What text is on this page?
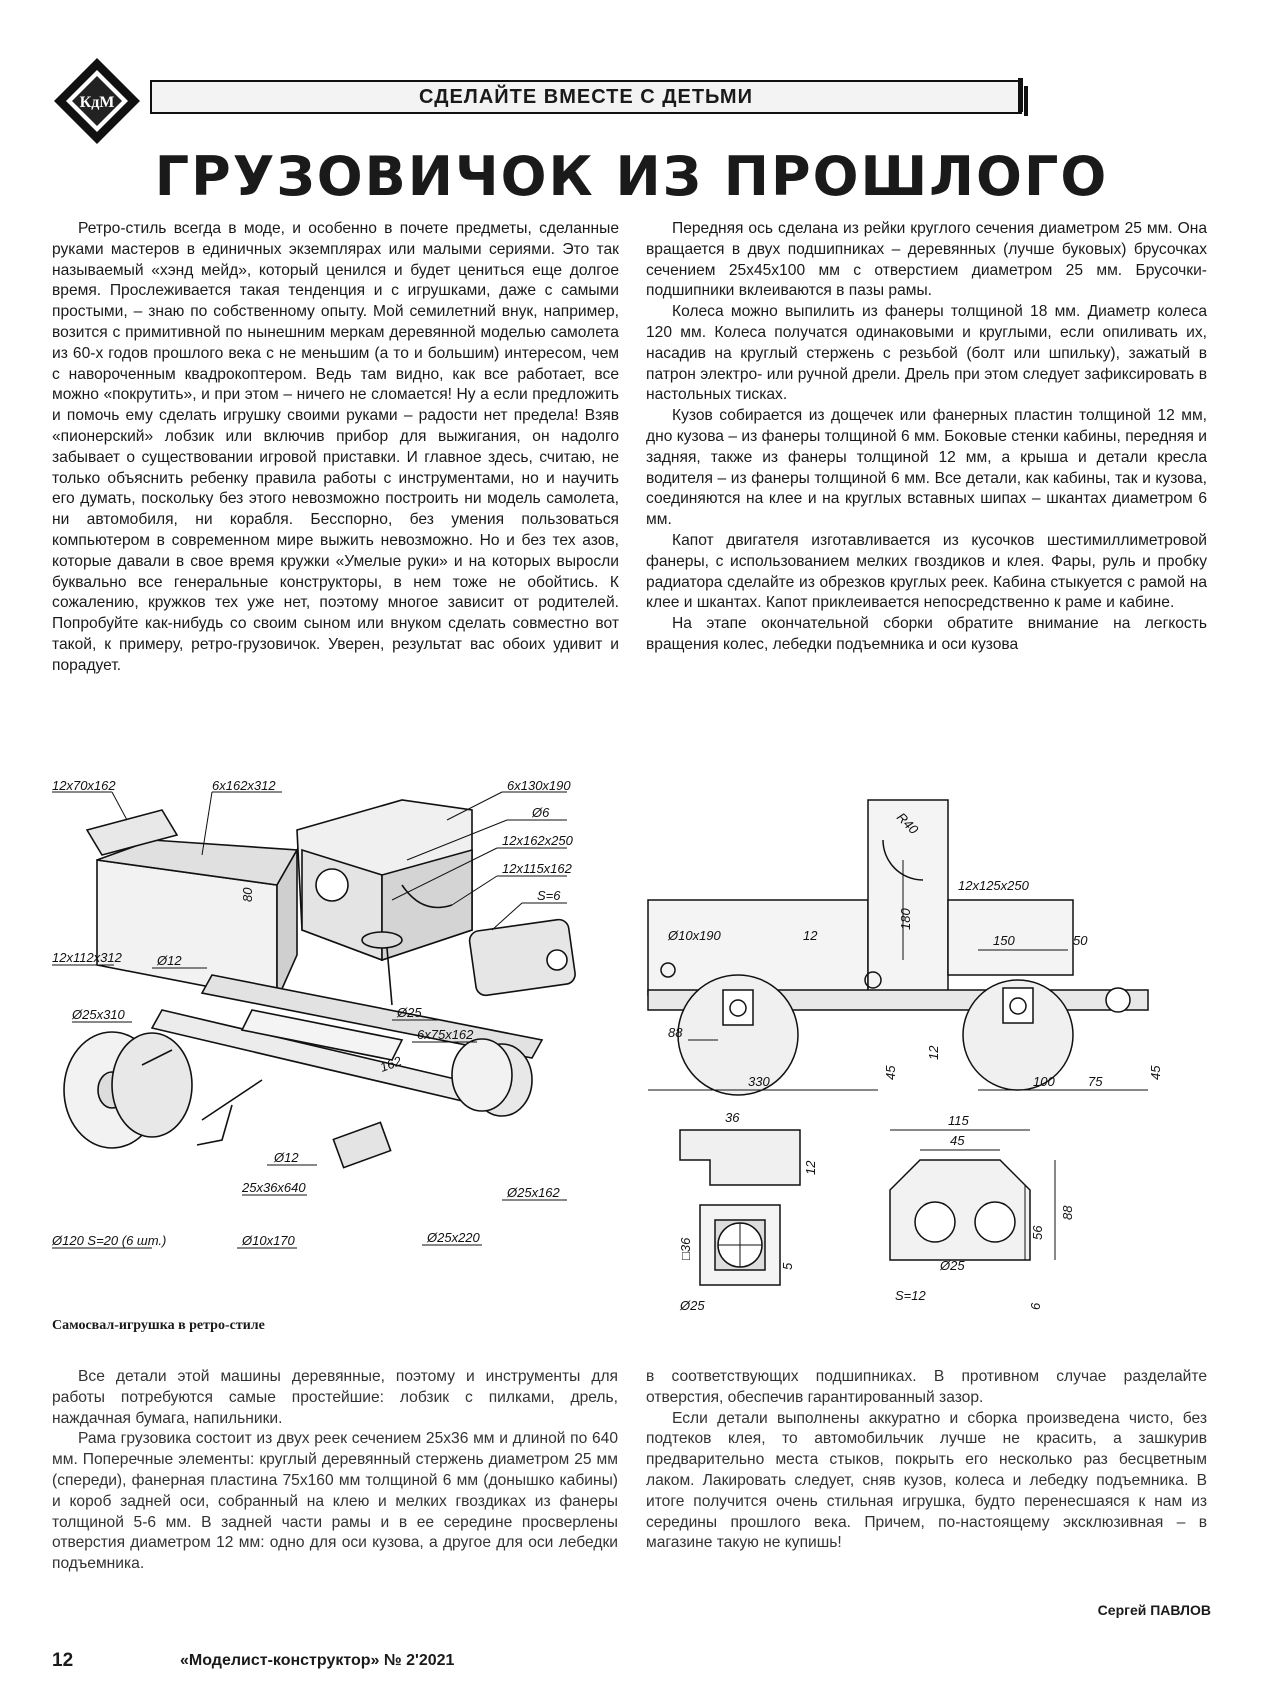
КдМ	СДЕЛАЙТЕ ВМЕСТЕ С ДЕТЬМИ
ГРУЗОВИЧОК ИЗ ПРОШЛОГО

Ретро-стиль всегда в моде, и особенно в почете предметы, сделанные руками мастеров в единичных экземплярах или малыми сериями. Это так называемый «хэнд мейд», который ценился и будет цениться еще долгое время. Прослеживается такая тенденция и с игрушками, даже с самыми простыми, – знаю по собственному опыту. Мой семилетний внук, например, возится с примитивной по нынешним меркам деревянной моделью самолета из 60-х годов прошлого века с не меньшим (а то и большим) интересом, чем с навороченным квадрокоптером. Ведь там видно, как все работает, все можно «покрутить», и при этом – ничего не сломается! Ну а если предложить и помочь ему сделать игрушку своими руками – радости нет предела! Взяв «пионерский» лобзик или включив прибор для выжигания, он надолго забывает о существовании игровой приставки. И главное здесь, считаю, не только объяснить ребенку правила работы с инструментами, но и научить его думать, поскольку без этого невозможно построить ни модель самолета, ни автомобиля, ни корабля. Бесспорно, без умения пользоваться компьютером в современном мире выжить невозможно. Но и без тех азов, которые давали в свое время кружки «Умелые руки» и на которых выросли буквально все генеральные конструкторы, в нем тоже не обойтись. К сожалению, кружков тех уже нет, поэтому многое зависит от родителей. Попробуйте как-нибудь со своим сыном или внуком сделать совместно вот такой, к примеру, ретро-грузовичок. Уверен, результат вас обоих удивит и порадует.

Передняя ось сделана из рейки круглого сечения диаметром 25 мм. Она вращается в двух подшипниках – деревянных (лучше буковых) брусочках сечением 25х45х100 мм с отверстием диаметром 25 мм. Брусочки-подшипники вклеиваются в пазы рамы.

Колеса можно выпилить из фанеры толщиной 18 мм. Диаметр колеса 120 мм. Колеса получатся одинаковыми и круглыми, если опиливать их, насадив на круглый стержень с резьбой (болт или шпильку), зажатый в патрон электро- или ручной дрели. Дрель при этом следует зафиксировать в настольных тисках.

Кузов собирается из дощечек или фанерных пластин толщиной 12 мм, дно кузова – из фанеры толщиной 6 мм. Боковые стенки кабины, передняя и задняя, также из фанеры толщиной 12 мм, а крыша и детали кресла водителя – из фанеры толщиной 6 мм. Все детали, как кабины, так и кузова, соединяются на клее и на круглых вставных шипах – шкантах диаметром 6 мм.

Капот двигателя изготавливается из кусочков шестимиллиметровой фанеры, с использованием мелких гвоздиков и клея. Фары, руль и пробку радиатора сделайте из обрезков круглых реек. Кабина стыкуется с рамой на клее и шкантах. Капот приклеивается непосредственно к раме и кабине.

На этапе окончательной сборки обратите внимание на легкость вращения колес, лебедки подъемника и оси кузова

12x70x162	6x162x312	6x130x190
Ø6
12x162x250
12x115x162
S=6
80
12x112x312	Ø12
Ø25x310	Ø25
6x75x162
162
Ø12
25x36x640	Ø25x162
Ø120 S=20 (6 шт.)	Ø10x170	Ø25x220
R40
12x125x250
Ø10x190	12
180
150	50
88
45
12
45
330	100	75
36
12
□36
5
Ø25
115
45
88
56
Ø25
S=12
6
Самосвал-игрушка в ретро-стиле

Все детали этой машины деревянные, поэтому и инструменты для работы потребуются самые простейшие: лобзик с пилками, дрель, наждачная бумага, напильники.

Рама грузовика состоит из двух реек сечением 25х36 мм и длиной по 640 мм. Поперечные элементы: круглый деревянный стержень диаметром 25 мм (спереди), фанерная пластина 75х160 мм толщиной 6 мм (донышко кабины) и короб задней оси, собранный на клею и мелких гвоздиках из фанеры толщиной 5-6 мм. В задней части рамы и в ее середине просверлены отверстия диаметром 12 мм: одно для оси кузова, а другое для оси лебедки подъемника.

в соответствующих подшипниках. В противном случае разделайте отверстия, обеспечив гарантированный зазор.

Если детали выполнены аккуратно и сборка произведена чисто, без подтеков клея, то автомобильчик лучше не красить, а зашкурив предварительно места стыков, покрыть его несколько раз бесцветным лаком. Лакировать следует, сняв кузов, колеса и лебедку подъемника. В итоге получится очень стильная игрушка, будто перенесшаяся к нам из середины прошлого века. Причем, по-настоящему эксклюзивная – в магазине такую не купишь!

Сергей ПАВЛОВ
12	«Моделист-конструктор» № 2'2021
